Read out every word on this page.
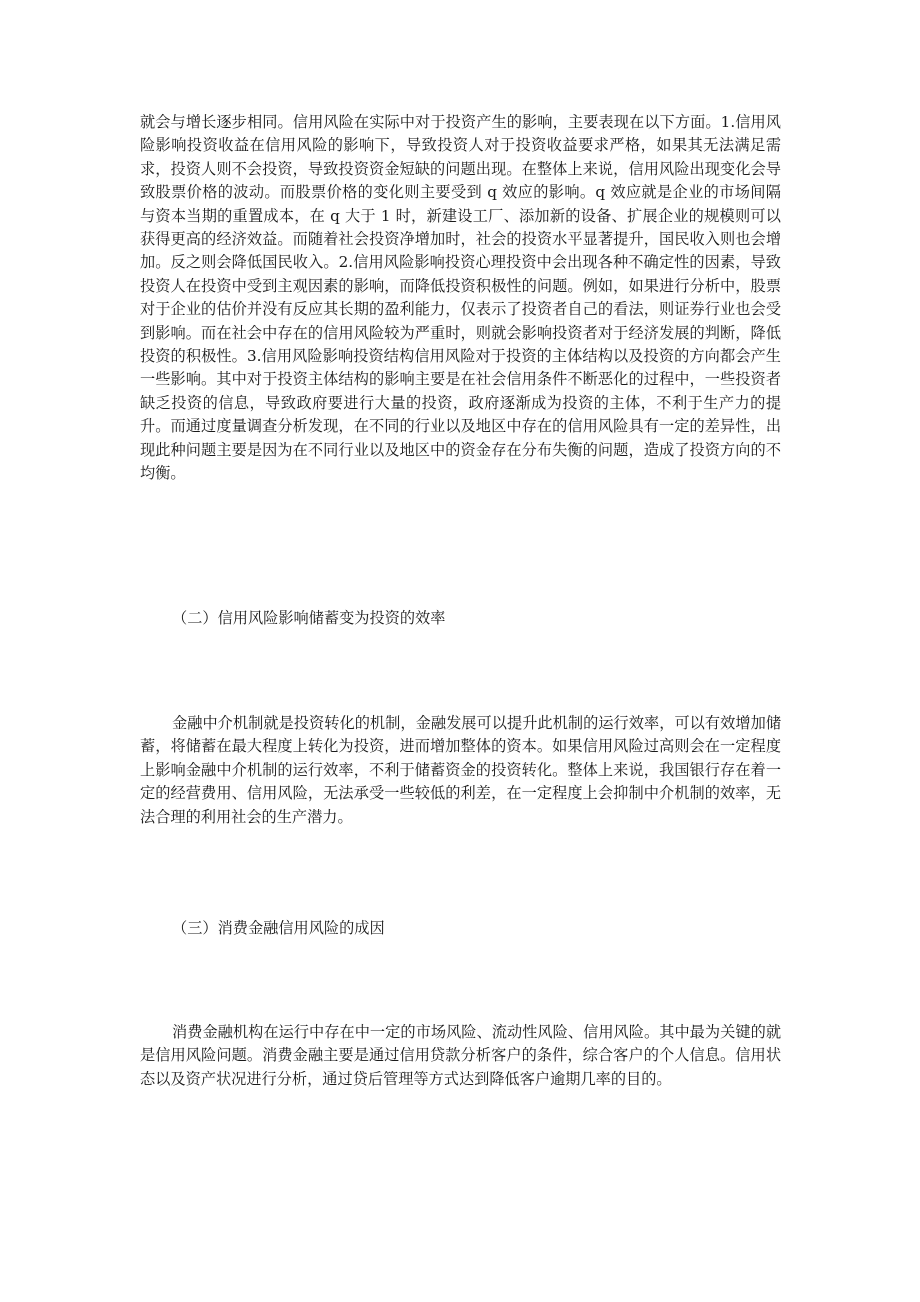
就会与增长逐步相同。信用风险在实际中对于投资产生的影响，主要表现在以下方面。1.信用风险影响投资收益在信用风险的影响下，导致投资人对于投资收益要求严格，如果其无法满足需求，投资人则不会投资，导致投资资金短缺的问题出现。在整体上来说，信用风险出现变化会导致股票价格的波动。而股票价格的变化则主要受到 q 效应的影响。q 效应就是企业的市场间隔与资本当期的重置成本，在 q 大于 1 时，新建设工厂、添加新的设备、扩展企业的规模则可以获得更高的经济效益。而随着社会投资净增加时，社会的投资水平显著提升，国民收入则也会增加。反之则会降低国民收入。2.信用风险影响投资心理投资中会出现各种不确定性的因素，导致投资人在投资中受到主观因素的影响，而降低投资积极性的问题。例如，如果进行分析中，股票对于企业的估价并没有反应其长期的盈利能力，仅表示了投资者自己的看法，则证券行业也会受到影响。而在社会中存在的信用风险较为严重时，则就会影响投资者对于经济发展的判断，降低投资的积极性。3.信用风险影响投资结构信用风险对于投资的主体结构以及投资的方向都会产生一些影响。其中对于投资主体结构的影响主要是在社会信用条件不断恶化的过程中，一些投资者缺乏投资的信息，导致政府要进行大量的投资，政府逐渐成为投资的主体，不利于生产力的提升。而通过度量调查分析发现，在不同的行业以及地区中存在的信用风险具有一定的差异性，出现此种问题主要是因为在不同行业以及地区中的资金存在分布失衡的问题，造成了投资方向的不均衡。

（二）信用风险影响储蓄变为投资的效率

金融中介机制就是投资转化的机制，金融发展可以提升此机制的运行效率，可以有效增加储蓄，将储蓄在最大程度上转化为投资，进而增加整体的资本。如果信用风险过高则会在一定程度上影响金融中介机制的运行效率，不利于储蓄资金的投资转化。整体上来说，我国银行存在着一定的经营费用、信用风险，无法承受一些较低的利差，在一定程度上会抑制中介机制的效率，无法合理的利用社会的生产潜力。

（三）消费金融信用风险的成因

消费金融机构在运行中存在中一定的市场风险、流动性风险、信用风险。其中最为关键的就是信用风险问题。消费金融主要是通过信用贷款分析客户的条件，综合客户的个人信息。信用状态以及资产状况进行分析，通过贷后管理等方式达到降低客户逾期几率的目的。
